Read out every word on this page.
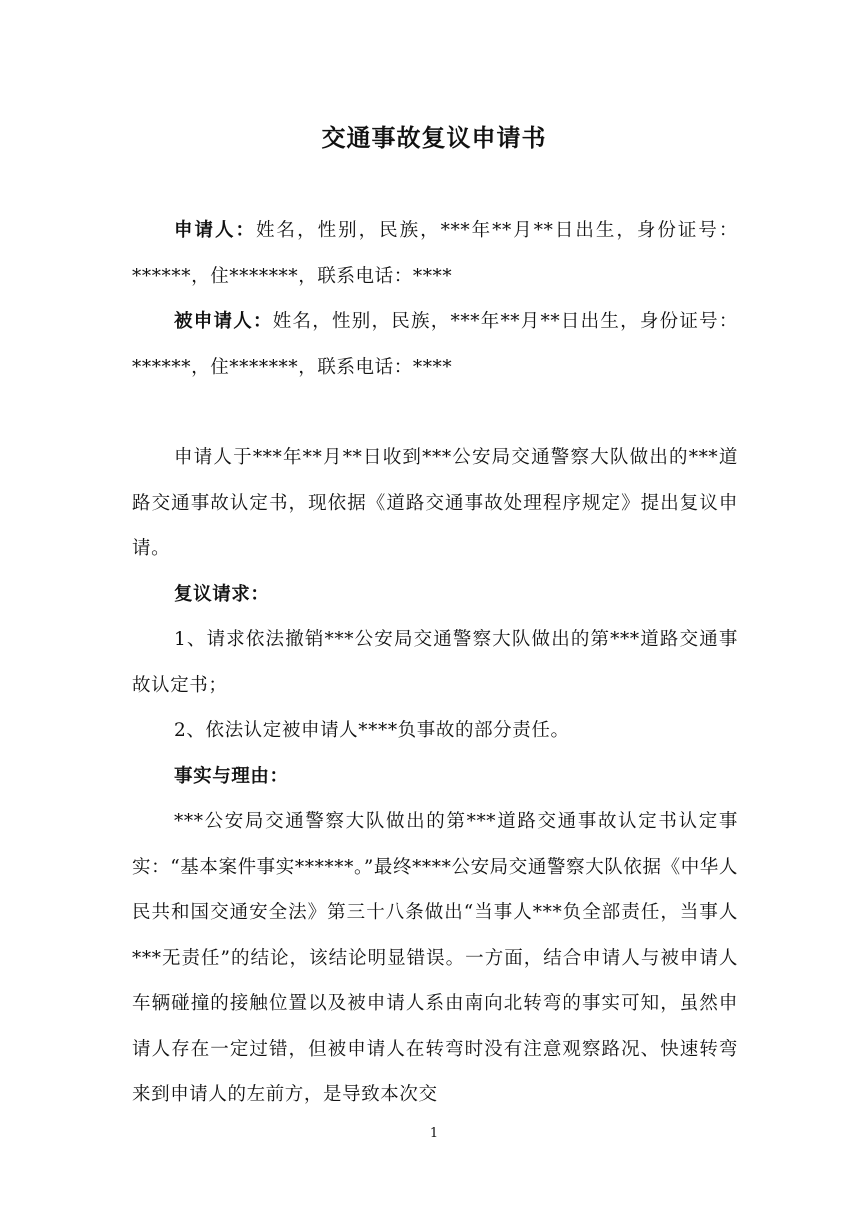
交通事故复议申请书

申请人：姓名，性别，民族，***年**月**日出生，身份证号：******，住*******，联系电话：****

被申请人：姓名，性别，民族，***年**月**日出生，身份证号：******，住*******，联系电话：****

申请人于***年**月**日收到***公安局交通警察大队做出的***道路交通事故认定书，现依据《道路交通事故处理程序规定》提出复议申请。

复议请求：

1、请求依法撤销***公安局交通警察大队做出的第***道路交通事故认定书；

2、依法认定被申请人****负事故的部分责任。

事实与理由：

***公安局交通警察大队做出的第***道路交通事故认定书认定事实：“基本案件事实******。”最终****公安局交通警察大队依据《中华人民共和国交通安全法》第三十八条做出“当事人***负全部责任，当事人***无责任”的结论，该结论明显错误。一方面，结合申请人与被申请人车辆碰撞的接触位置以及被申请人系由南向北转弯的事实可知，虽然申请人存在一定过错，但被申请人在转弯时没有注意观察路况、快速转弯来到申请人的左前方，是导致本次交

1
